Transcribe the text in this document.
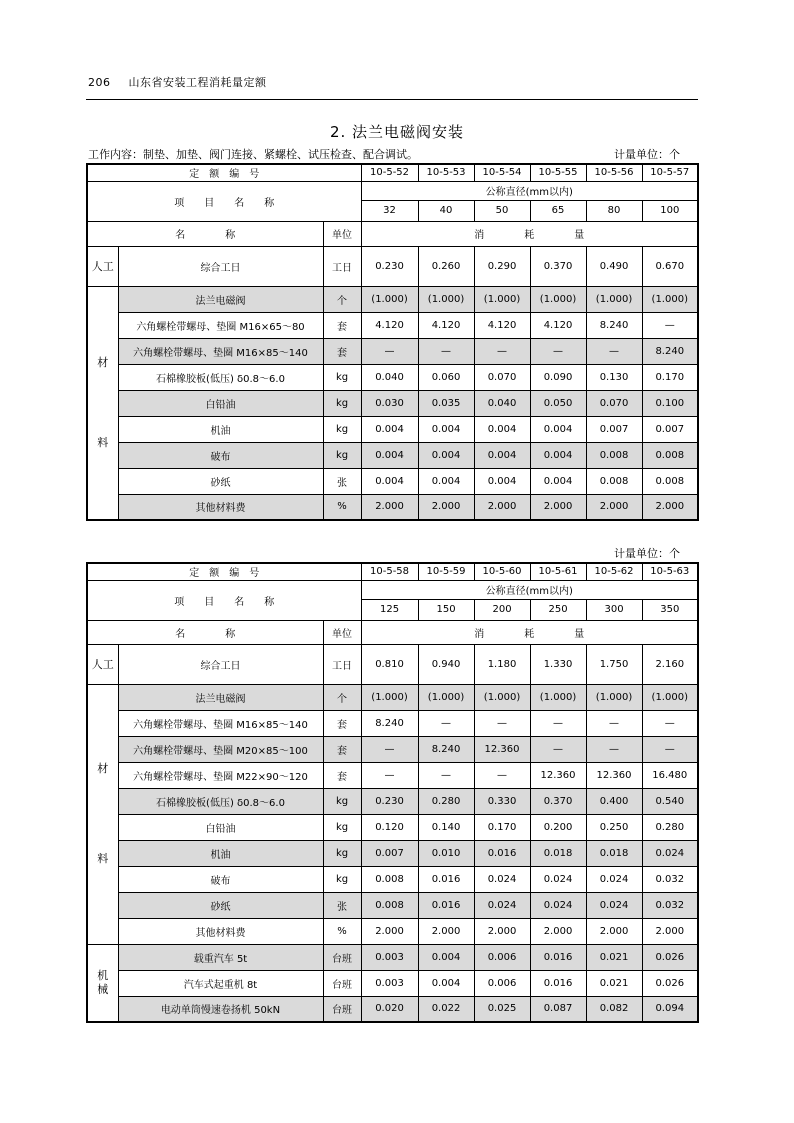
206 山东省安装工程消耗量定额
2. 法兰电磁阀安装
工作内容：制垫、加垫、阀门连接、紧螺栓、试压检查、配合调试。	计量单位：个
定　额　编　号			10-5-52	10-5-53	10-5-54	10-5-55	10-5-56	10-5-57
项　　目　　名　　称			公称直径(mm以内)					
			32	40	50	65	80	100
名　　　　称		单位	消　　　　耗　　　　量					
人工	综合工日	工日	0.230	0.260	0.290	0.370	0.490	0.670
材
料	法兰电磁阀	个	(1.000)	(1.000)	(1.000)	(1.000)	(1.000)	(1.000)
	六角螺栓带螺母、垫圈 M16×65～80	套	4.120	4.120	4.120	4.120	8.240	—
	六角螺栓带螺母、垫圈 M16×85～140	套	—	—	—	—	—	8.240
	石棉橡胶板(低压) δ0.8～6.0	kg	0.040	0.060	0.070	0.090	0.130	0.170
	白铅油	kg	0.030	0.035	0.040	0.050	0.070	0.100
	机油	kg	0.004	0.004	0.004	0.004	0.007	0.007
	破布	kg	0.004	0.004	0.004	0.004	0.008	0.008
	砂纸	张	0.004	0.004	0.004	0.004	0.008	0.008
	其他材料费	%	2.000	2.000	2.000	2.000	2.000	2.000
计量单位：个
定　额　编　号			10-5-58	10-5-59	10-5-60	10-5-61	10-5-62	10-5-63
项　　目　　名　　称			公称直径(mm以内)					
			125	150	200	250	300	350
名　　　　称		单位	消　　　　耗　　　　量					
人工	综合工日	工日	0.810	0.940	1.180	1.330	1.750	2.160
材
料	法兰电磁阀	个	(1.000)	(1.000)	(1.000)	(1.000)	(1.000)	(1.000)
	六角螺栓带螺母、垫圈 M16×85～140	套	8.240	—	—	—	—	—
	六角螺栓带螺母、垫圈 M20×85～100	套	—	8.240	12.360	—	—	—
	六角螺栓带螺母、垫圈 M22×90～120	套	—	—	—	12.360	12.360	16.480
	石棉橡胶板(低压) δ0.8～6.0	kg	0.230	0.280	0.330	0.370	0.400	0.540
	白铅油	kg	0.120	0.140	0.170	0.200	0.250	0.280
	机油	kg	0.007	0.010	0.016	0.018	0.018	0.024
	破布	kg	0.008	0.016	0.024	0.024	0.024	0.032
	砂纸	张	0.008	0.016	0.024	0.024	0.024	0.032
	其他材料费	%	2.000	2.000	2.000	2.000	2.000	2.000
机械	载重汽车 5t	台班	0.003	0.004	0.006	0.016	0.021	0.026
	汽车式起重机 8t	台班	0.003	0.004	0.006	0.016	0.021	0.026
	电动单筒慢速卷扬机 50kN	台班	0.020	0.022	0.025	0.087	0.082	0.094
